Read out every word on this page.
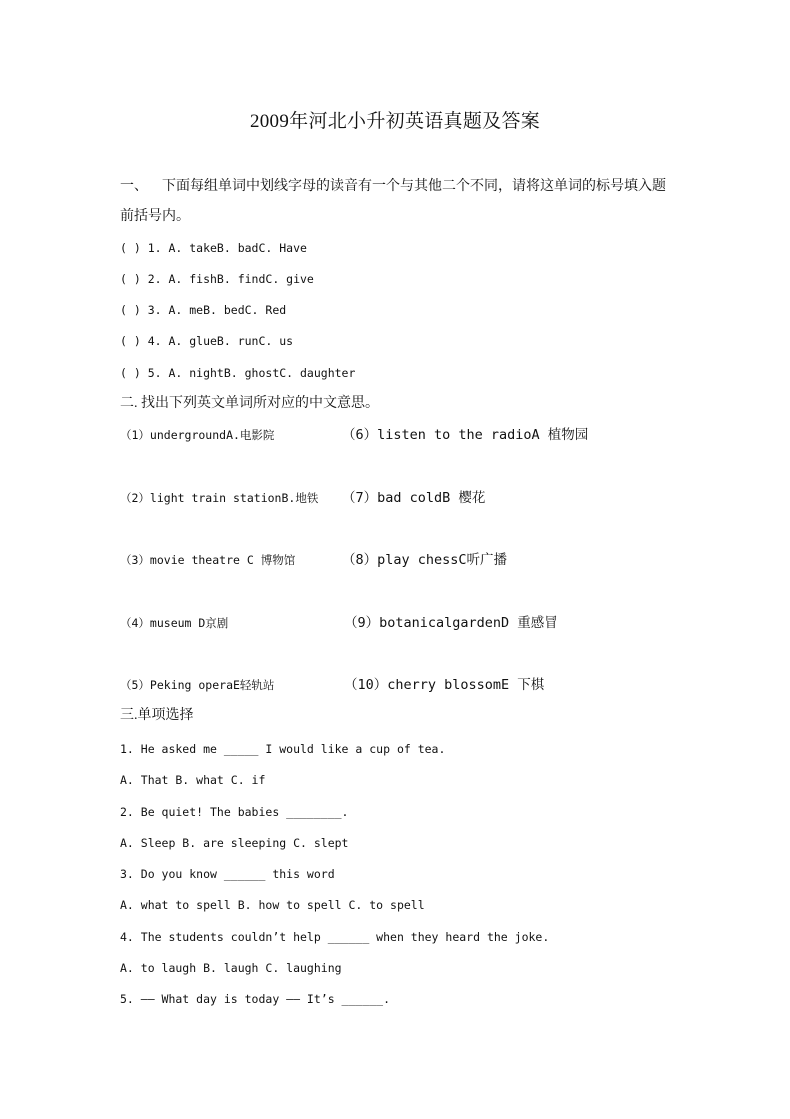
2009年河北小升初英语真题及答案
一、    下面每组单词中划线字母的读音有一个与其他二个不同，请将这单词的标号填入题
前括号内。
( ) 1. A. takeB. badC. Have
( ) 2. A. fishB. findC. give
( ) 3. A. meB. bedC. Red
( ) 4. A. glueB. runC. us
( ) 5. A. nightB. ghostC. daughter
二. 找出下列英文单词所对应的中文意思。
（1）undergroundA.电影院	（6）listen to the radioA 植物园
（2）light train stationB.地铁 （7）bad coldB 樱花
（3）movie theatre C 博物馆	（8）play chessC听广播
（4）museum D京剧	（9）botanicalgardenD 重感冒
（5）Peking operaE轻轨站	（10）cherry blossomE 下棋
三.单项选择
1. He asked me _____ I would like a cup of tea.
A. That B. what C. if
2. Be quiet! The babies ________.
A. Sleep B. are sleeping C. slept
3. Do you know ______ this word
A. what to spell B. how to spell C. to spell
4. The students couldn’t help ______ when they heard the joke.
A. to laugh B. laugh C. laughing
5. —— What day is today —— It’s ______.
